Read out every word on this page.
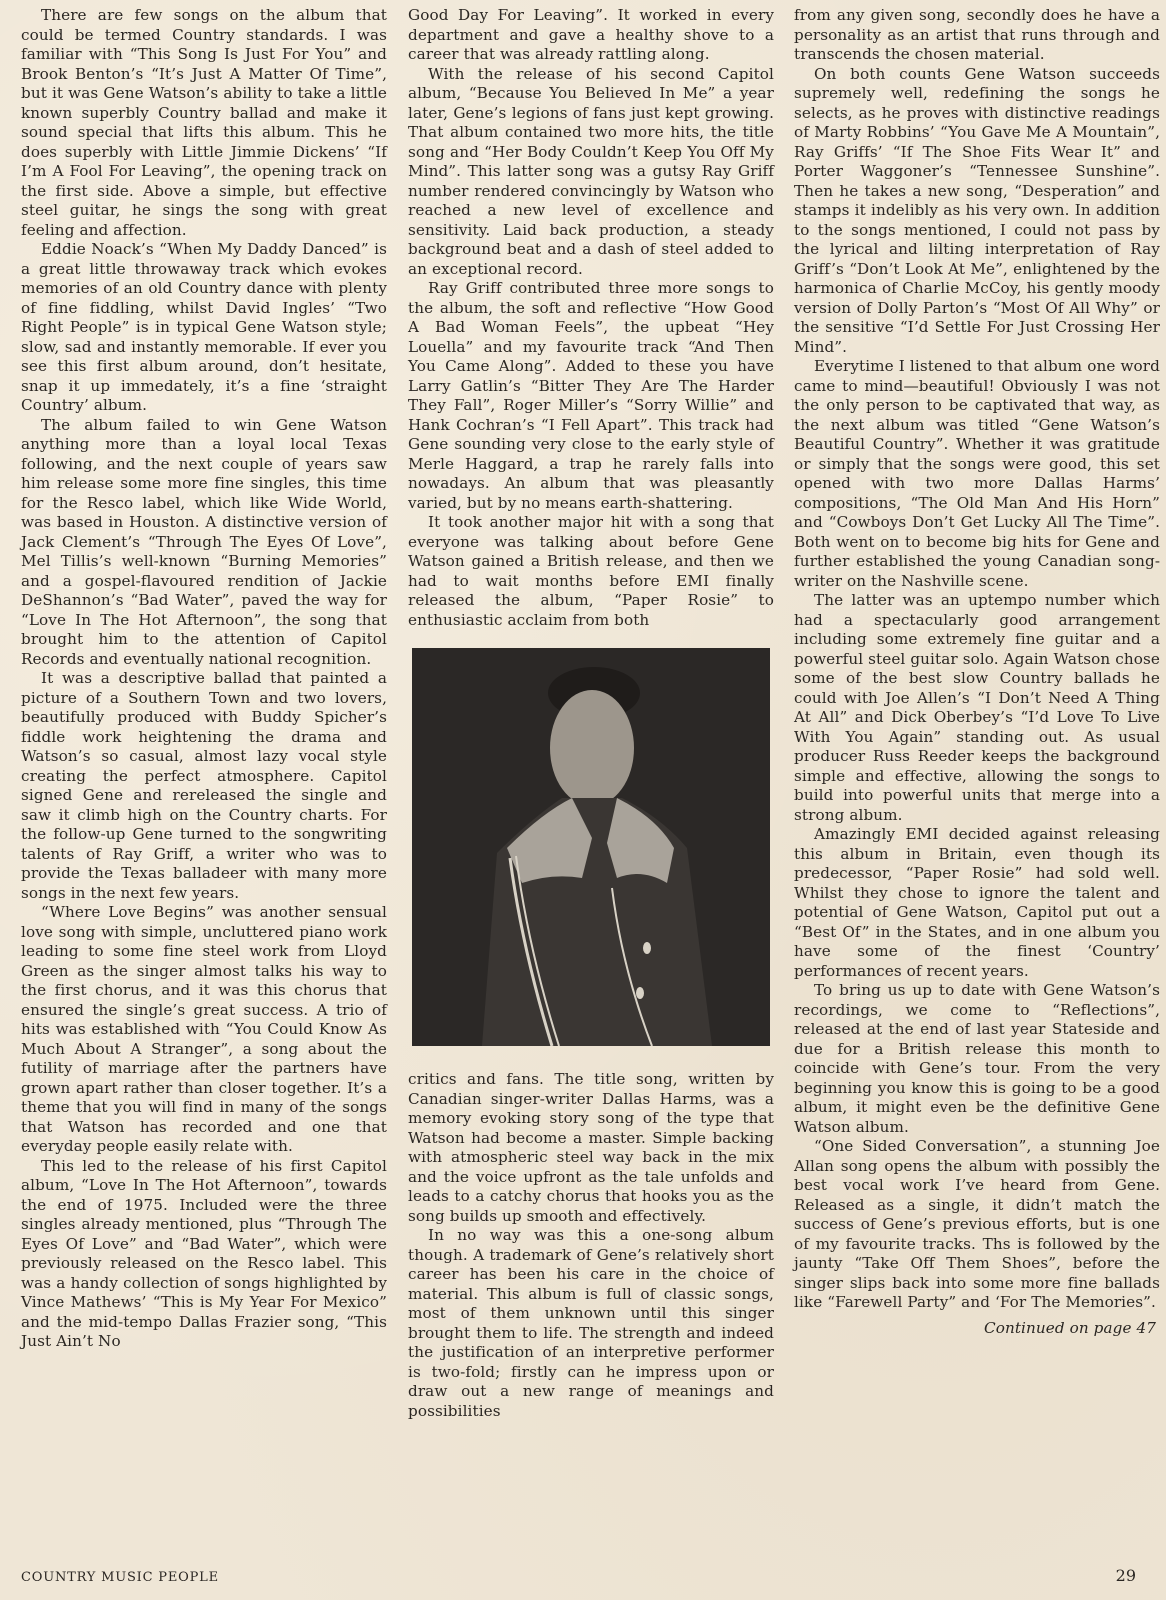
There are few songs on the album that could be termed Country standards. I was familiar with “This Song Is Just For You” and Brook Benton’s “It’s Just A Matter Of Time”, but it was Gene Watson’s ability to take a little known superbly Country ballad and make it sound special that lifts this album. This he does superbly with Little Jimmie Dickens’ “If I’m A Fool For Leaving”, the opening track on the first side. Above a simple, but effective steel guitar, he sings the song with great feeling and affection.

Eddie Noack’s “When My Daddy Danced” is a great little throwaway track which evokes memories of an old Country dance with plenty of fine fiddling, whilst David Ingles’ “Two Right People” is in typical Gene Watson style; slow, sad and instantly memorable. If ever you see this first album around, don’t hesitate, snap it up immedately, it’s a fine ‘straight Country’ album.

The album failed to win Gene Watson anything more than a loyal local Texas following, and the next couple of years saw him release some more fine singles, this time for the Resco label, which like Wide World, was based in Houston. A distinctive version of Jack Clement’s “Through The Eyes Of Love”, Mel Tillis’s well-known “Burning Memories” and a gospel-flavoured rendition of Jackie DeShannon’s “Bad Water”, paved the way for “Love In The Hot Afternoon”, the song that brought him to the attention of Capitol Records and eventually national recognition.

It was a descriptive ballad that painted a picture of a Southern Town and two lovers, beautifully produced with Buddy Spicher’s fiddle work heightening the drama and Watson’s so casual, almost lazy vocal style creating the perfect atmosphere. Capitol signed Gene and rereleased the single and saw it climb high on the Country charts. For the follow-up Gene turned to the songwriting talents of Ray Griff, a writer who was to provide the Texas balladeer with many more songs in the next few years.

“Where Love Begins” was another sensual love song with simple, uncluttered piano work leading to some fine steel work from Lloyd Green as the singer almost talks his way to the first chorus, and it was this chorus that ensured the single’s great success. A trio of hits was established with “You Could Know As Much About A Stranger”, a song about the futility of marriage after the partners have grown apart rather than closer together. It’s a theme that you will find in many of the songs that Watson has recorded and one that everyday people easily relate with.

This led to the release of his first Capitol album, “Love In The Hot Afternoon”, towards the end of 1975. Included were the three singles already mentioned, plus “Through The Eyes Of Love” and “Bad Water”, which were previously released on the Resco label. This was a handy collection of songs highlighted by Vince Mathews’ “This is My Year For Mexico” and the mid-tempo Dallas Frazier song, “This Just Ain’t No

Good Day For Leaving”. It worked in every department and gave a healthy shove to a career that was already rattling along.

With the release of his second Capitol album, “Because You Believed In Me” a year later, Gene’s legions of fans just kept growing. That album contained two more hits, the title song and “Her Body Couldn’t Keep You Off My Mind”. This latter song was a gutsy Ray Griff number rendered convincingly by Watson who reached a new level of excellence and sensitivity. Laid back production, a steady background beat and a dash of steel added to an exceptional record.

Ray Griff contributed three more songs to the album, the soft and reflective “How Good A Bad Woman Feels”, the upbeat “Hey Louella” and my favourite track “And Then You Came Along”. Added to these you have Larry Gatlin’s “Bitter They Are The Harder They Fall”, Roger Miller’s “Sorry Willie” and Hank Cochran’s “I Fell Apart”. This track had Gene sounding very close to the early style of Merle Haggard, a trap he rarely falls into nowadays. An album that was pleasantly varied, but by no means earth-shattering.

It took another major hit with a song that everyone was talking about before Gene Watson gained a British release, and then we had to wait months before EMI finally released the album, “Paper Rosie” to enthusiastic acclaim from both

critics and fans. The title song, written by Canadian singer-writer Dallas Harms, was a memory evoking story song of the type that Watson had become a master. Simple backing with atmospheric steel way back in the mix and the voice upfront as the tale unfolds and leads to a catchy chorus that hooks you as the song builds up smooth and effectively.

In no way was this a one-song album though. A trademark of Gene’s relatively short career has been his care in the choice of material. This album is full of classic songs, most of them unknown until this singer brought them to life. The strength and indeed the justification of an interpretive performer is two-fold; firstly can he impress upon or draw out a new range of meanings and possibilities

from any given song, secondly does he have a personality as an artist that runs through and transcends the chosen material.

On both counts Gene Watson succeeds supremely well, redefining the songs he selects, as he proves with distinctive readings of Marty Robbins’ “You Gave Me A Mountain”, Ray Griffs’ “If The Shoe Fits Wear It” and Porter Waggoner’s “Tennessee Sunshine”. Then he takes a new song, “Desperation” and stamps it indelibly as his very own. In addition to the songs mentioned, I could not pass by the lyrical and lilting interpretation of Ray Griff’s “Don’t Look At Me”, enlightened by the harmonica of Charlie McCoy, his gently moody version of Dolly Parton’s “Most Of All Why” or the sensitive “I’d Settle For Just Crossing Her Mind”.

Everytime I listened to that album one word came to mind—beautiful! Obviously I was not the only person to be captivated that way, as the next album was titled “Gene Watson’s Beautiful Country”. Whether it was gratitude or simply that the songs were good, this set opened with two more Dallas Harms’ compositions, “The Old Man And His Horn” and “Cowboys Don’t Get Lucky All The Time”. Both went on to become big hits for Gene and further established the young Canadian songwriter on the Nashville scene.

The latter was an uptempo number which had a spectacularly good arrangement including some extremely fine guitar and a powerful steel guitar solo. Again Watson chose some of the best slow Country ballads he could with Joe Allen’s “I Don’t Need A Thing At All” and Dick Oberbey’s “I’d Love To Live With You Again” standing out. As usual producer Russ Reeder keeps the background simple and effective, allowing the songs to build into powerful units that merge into a strong album.

Amazingly EMI decided against releasing this album in Britain, even though its predecessor, “Paper Rosie” had sold well. Whilst they chose to ignore the talent and potential of Gene Watson, Capitol put out a “Best Of” in the States, and in one album you have some of the finest ‘Country’ performances of recent years.

To bring us up to date with Gene Watson’s recordings, we come to “Reflections”, released at the end of last year Stateside and due for a British release this month to coincide with Gene’s tour. From the very beginning you know this is going to be a good album, it might even be the definitive Gene Watson album.

“One Sided Conversation”, a stunning Joe Allan song opens the album with possibly the best vocal work I’ve heard from Gene. Released as a single, it didn’t match the success of Gene’s previous efforts, but is one of my favourite tracks. Ths is followed by the jaunty “Take Off Them Shoes”, before the singer slips back into some more fine ballads like “Farewell Party” and ‘For The Memories”.

Continued on page 47
COUNTRY MUSIC PEOPLE	29
